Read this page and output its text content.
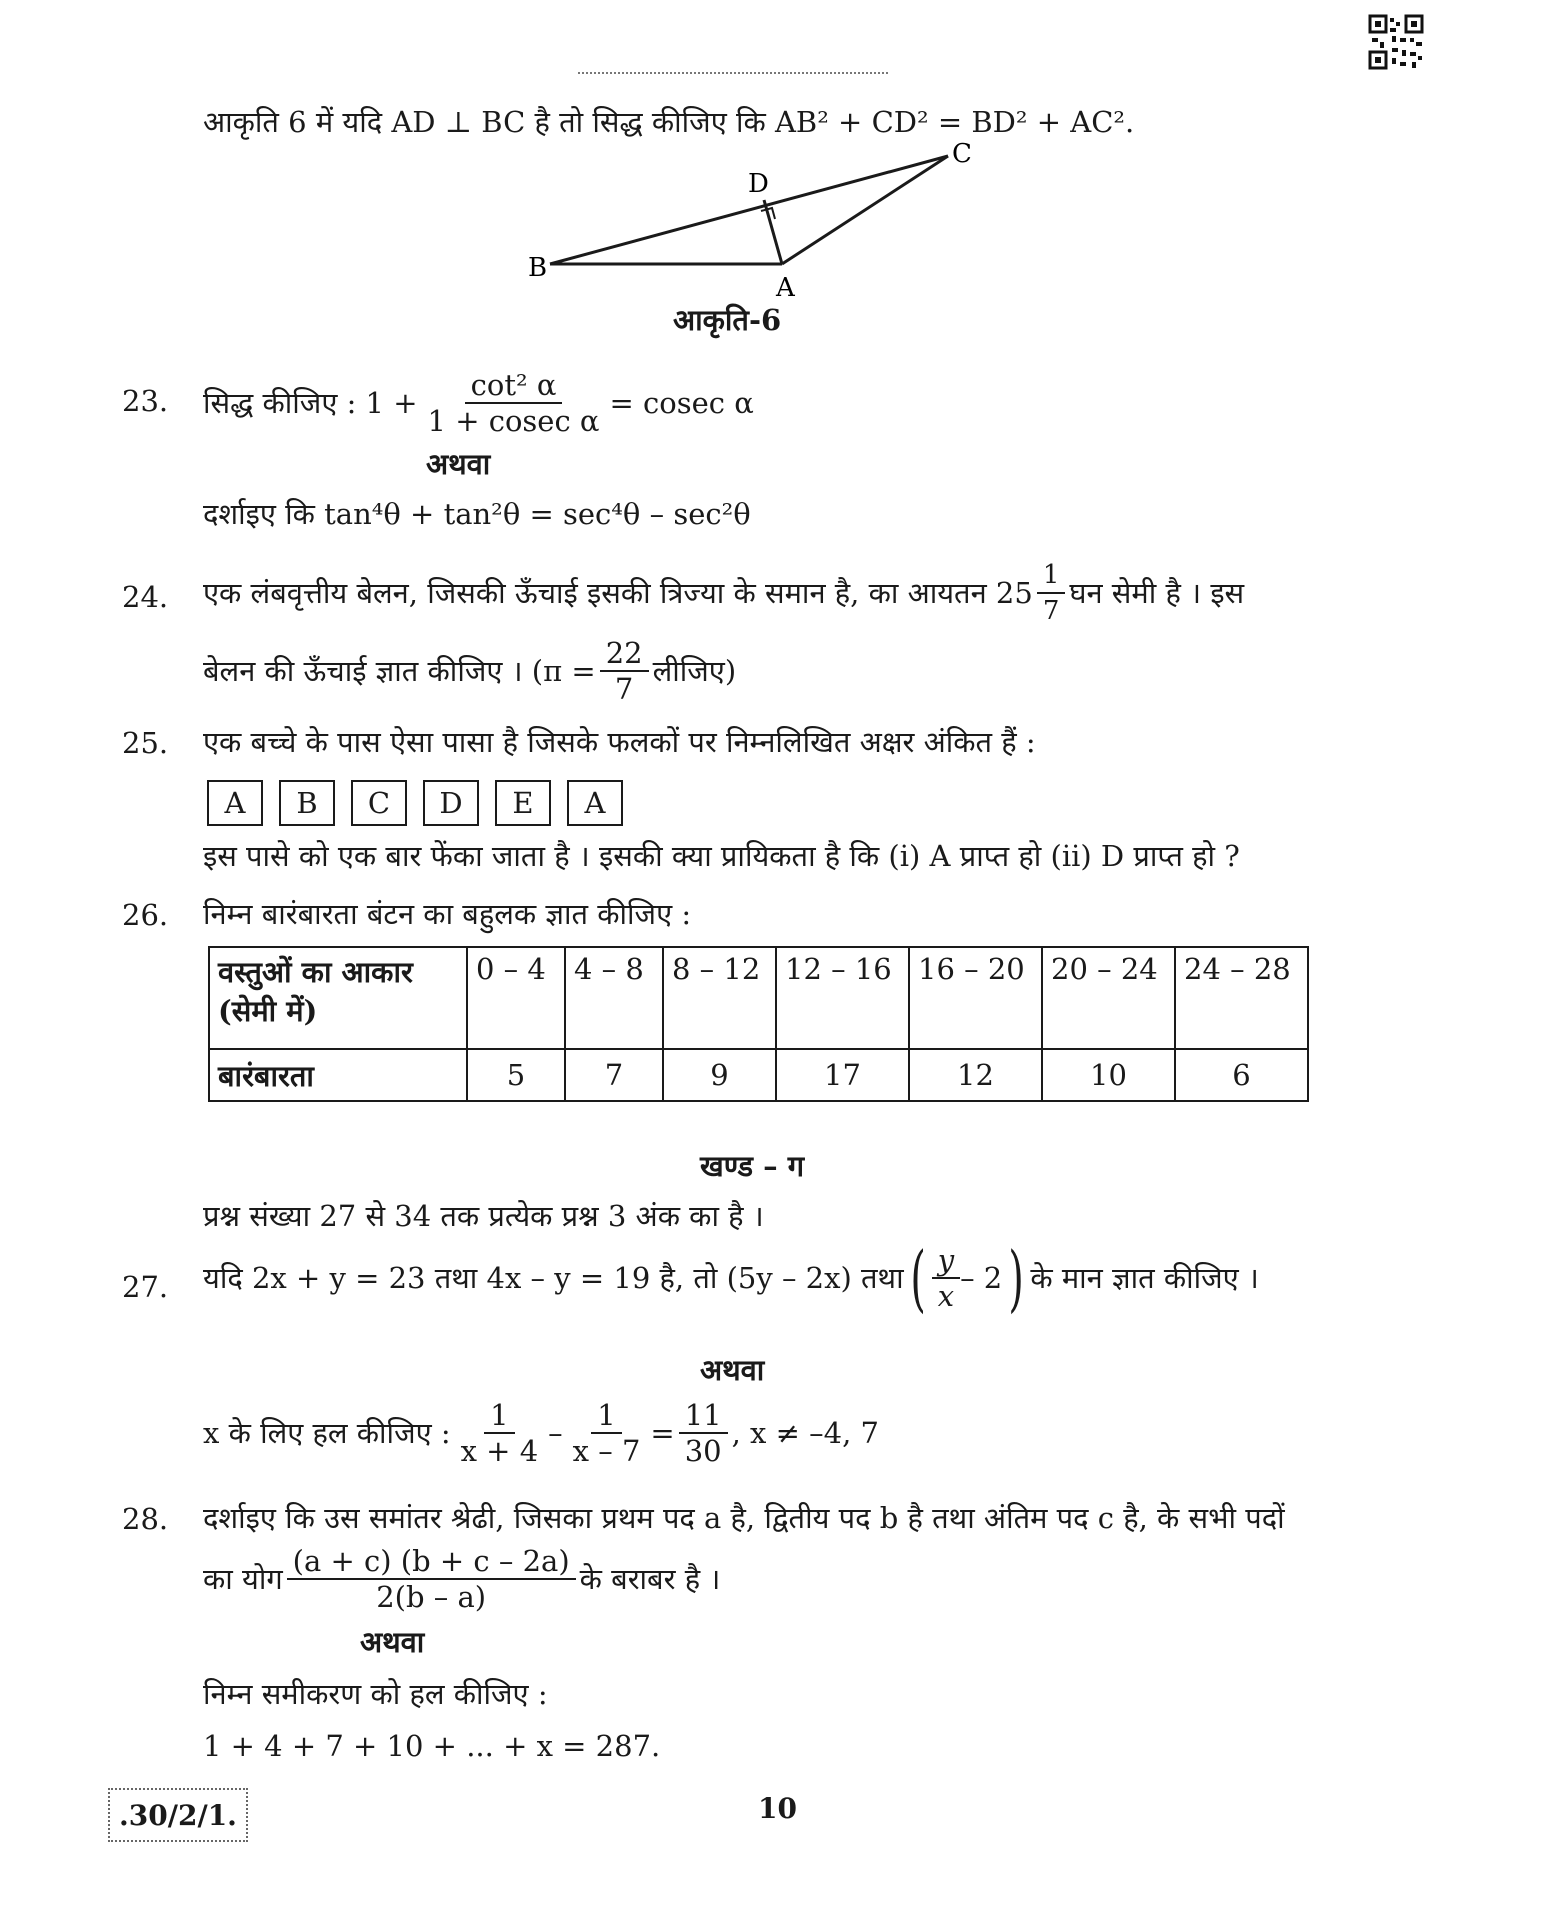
आकृति 6 में यदि AD ⊥ BC है तो सिद्ध कीजिए कि AB² + CD² = BD² + AC².
B
C
D
A
आकृति-6
23. सिद्ध कीजिए : $1 + \frac{\text{cot² α}}{\text{1 + cosec α}} = cosec$ α
अथवा
दर्शाइए कि tan⁴θ + tan²θ = sec⁴θ – sec²θ
24. एक लंबवृत्तीय बेलन, जिसकी ऊँचाई इसकी त्रिज्या के समान है, का आयतन $25 \frac{1}{7}$ घन सेमी है । इस
बेलन की ऊँचाई ज्ञात कीजिए । ($\pi = \frac{22}{7}$ लीजिए)
25. एक बच्चे के पास ऐसा पासा है जिसके फलकों पर निम्नलिखित अक्षर अंकित हैं :
A	B	C	D	E	A
इस पासे को एक बार फेंका जाता है । इसकी क्या प्रायिकता है कि (i) A प्राप्त हो (ii) D प्राप्त हो ?
26. निम्न बारंबारता बंटन का बहुलक ज्ञात कीजिए :
वस्तुओं का आकार
(सेमी में)	0 – 4	4 – 8	8 – 12	12 – 16	16 – 20	20 – 24	24 – 28
बारंबारता	5	7	9	17	12	10	6
खण्ड – ग
प्रश्न संख्या 27 से 34 तक प्रत्येक प्रश्न 3 अंक का है ।
27. यदि 2x + y = 23 तथा 4x – y = 19 है, तो (5y – 2x) तथा ( $\frac{y}{x} - 2$ ) के मान ज्ञात कीजिए ।
अथवा
x के लिए हल कीजिए : $\frac{1}{x + 4} - \frac{1}{x - 7} = \frac{11}{30}$ , x ≠ –4, 7
28. दर्शाइए कि उस समांतर श्रेढी, जिसका प्रथम पद a है, द्वितीय पद b है तथा अंतिम पद c है, के सभी पदों
का योग $\frac{(a + c) (b + c - 2a)}{2(b - a)}$ के बराबर है ।
अथवा
निम्न समीकरण को हल कीजिए :
1 + 4 + 7 + 10 + ... + x = 287.
.30/2/1.	10
